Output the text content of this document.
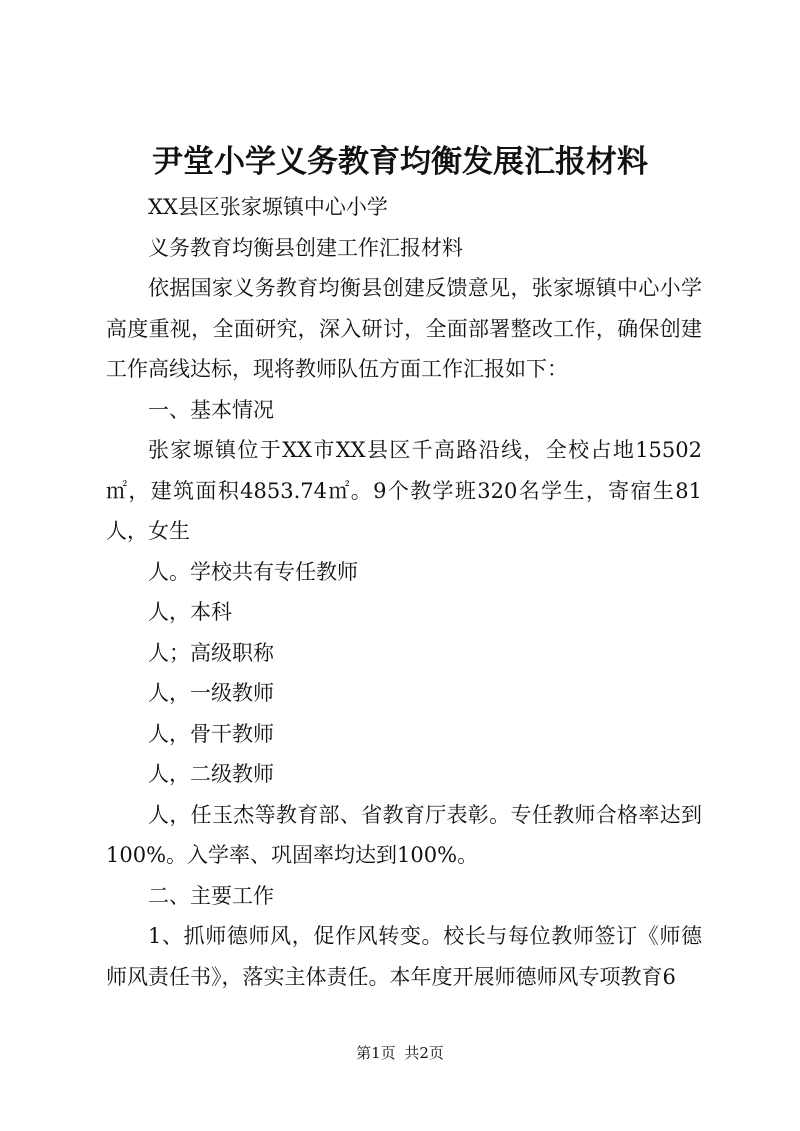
尹堂小学义务教育均衡发展汇报材料

XX县区张家塬镇中心小学

义务教育均衡县创建工作汇报材料

依据国家义务教育均衡县创建反馈意见，张家塬镇中心小学高度重视，全面研究，深入研讨，全面部署整改工作，确保创建工作高线达标，现将教师队伍方面工作汇报如下：

一、基本情况

张家塬镇位于XX市XX县区千高路沿线，全校占地15502㎡，建筑面积4853.74㎡。9个教学班320名学生，寄宿生81人，女生

人。学校共有专任教师

人，本科

人；高级职称

人，一级教师

人，骨干教师

人，二级教师

人，任玉杰等教育部、省教育厅表彰。专任教师合格率达到100%。入学率、巩固率均达到100%。

二、主要工作

1、抓师德师风，促作风转变。校长与每位教师签订《师德师风责任书》，落实主体责任。本年度开展师德师风专项教育6

第1页 共2页
